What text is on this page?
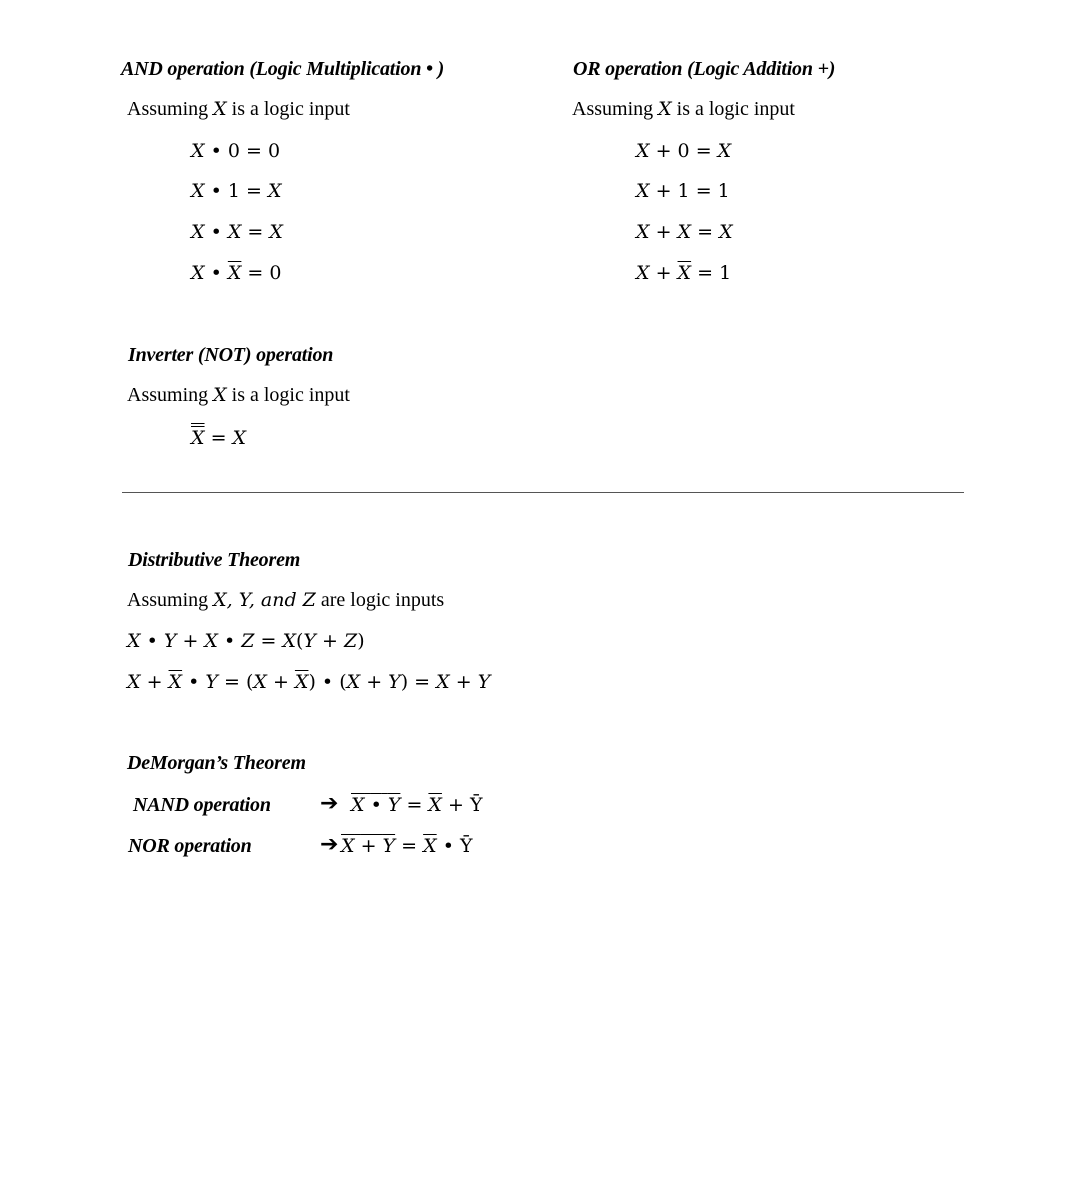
AND operation (Logic Multiplication • )
Assuming X is a logic input
X • 0 = 0
X • 1 = X
X • X = X
X • $\overline{X} = 0$
OR operation (Logic Addition +)
Assuming X is a logic input
X + 0 = X
X + 1 = 1
X + X = X
$X + \overline{X} = 1$
Inverter (NOT) operation
Assuming X is a logic input
X = X
Distributive Theorem
Assuming X, Y, and Z are logic inputs
X • Y + X • Z = X(Y + Z)
$X + \overline{X}$ • $Y = (X + \overline{X})$ • (X + Y) = X + Y
DeMorgan’s Theorem
NAND operation ➔ X • $Y = \overline{X}$ + Ȳ
NOR operation	➔ $X + Y = \overline{X}$ • Ȳ
